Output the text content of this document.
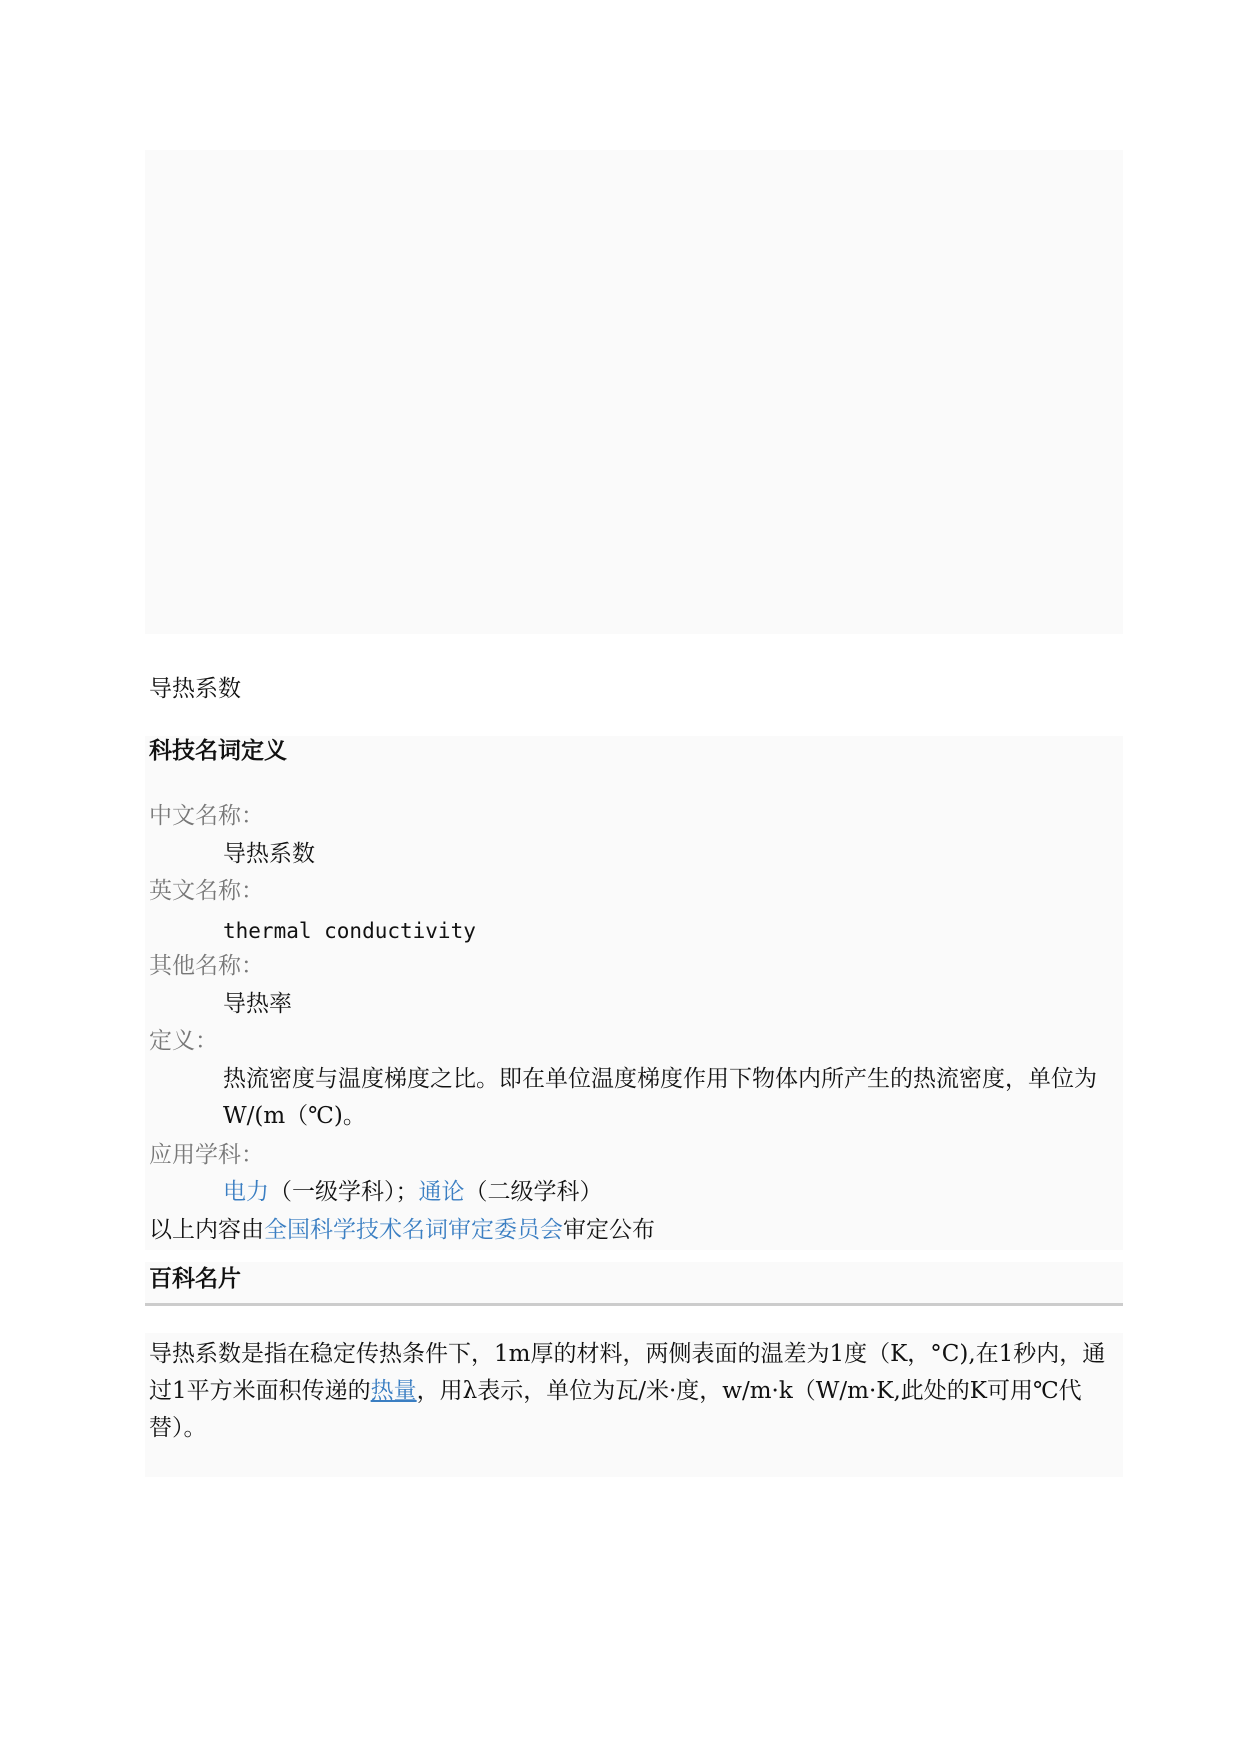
导热系数
科技名词定义
中文名称：
导热系数
英文名称：
thermal conductivity
其他名称：
导热率
定义：
热流密度与温度梯度之比。即在单位温度梯度作用下物体内所产生的热流密度，单位为W/(m（℃)。
应用学科：
电力（一级学科）；通论（二级学科）
以上内容由全国科学技术名词审定委员会审定公布
百科名片
导热系数是指在稳定传热条件下，1m厚的材料，两侧表面的温差为1度（K，°C),在1秒内，通过1平方米面积传递的热量，用λ表示，单位为瓦/米·度，w/m·k（W/m·K,此处的K可用℃代替）。
